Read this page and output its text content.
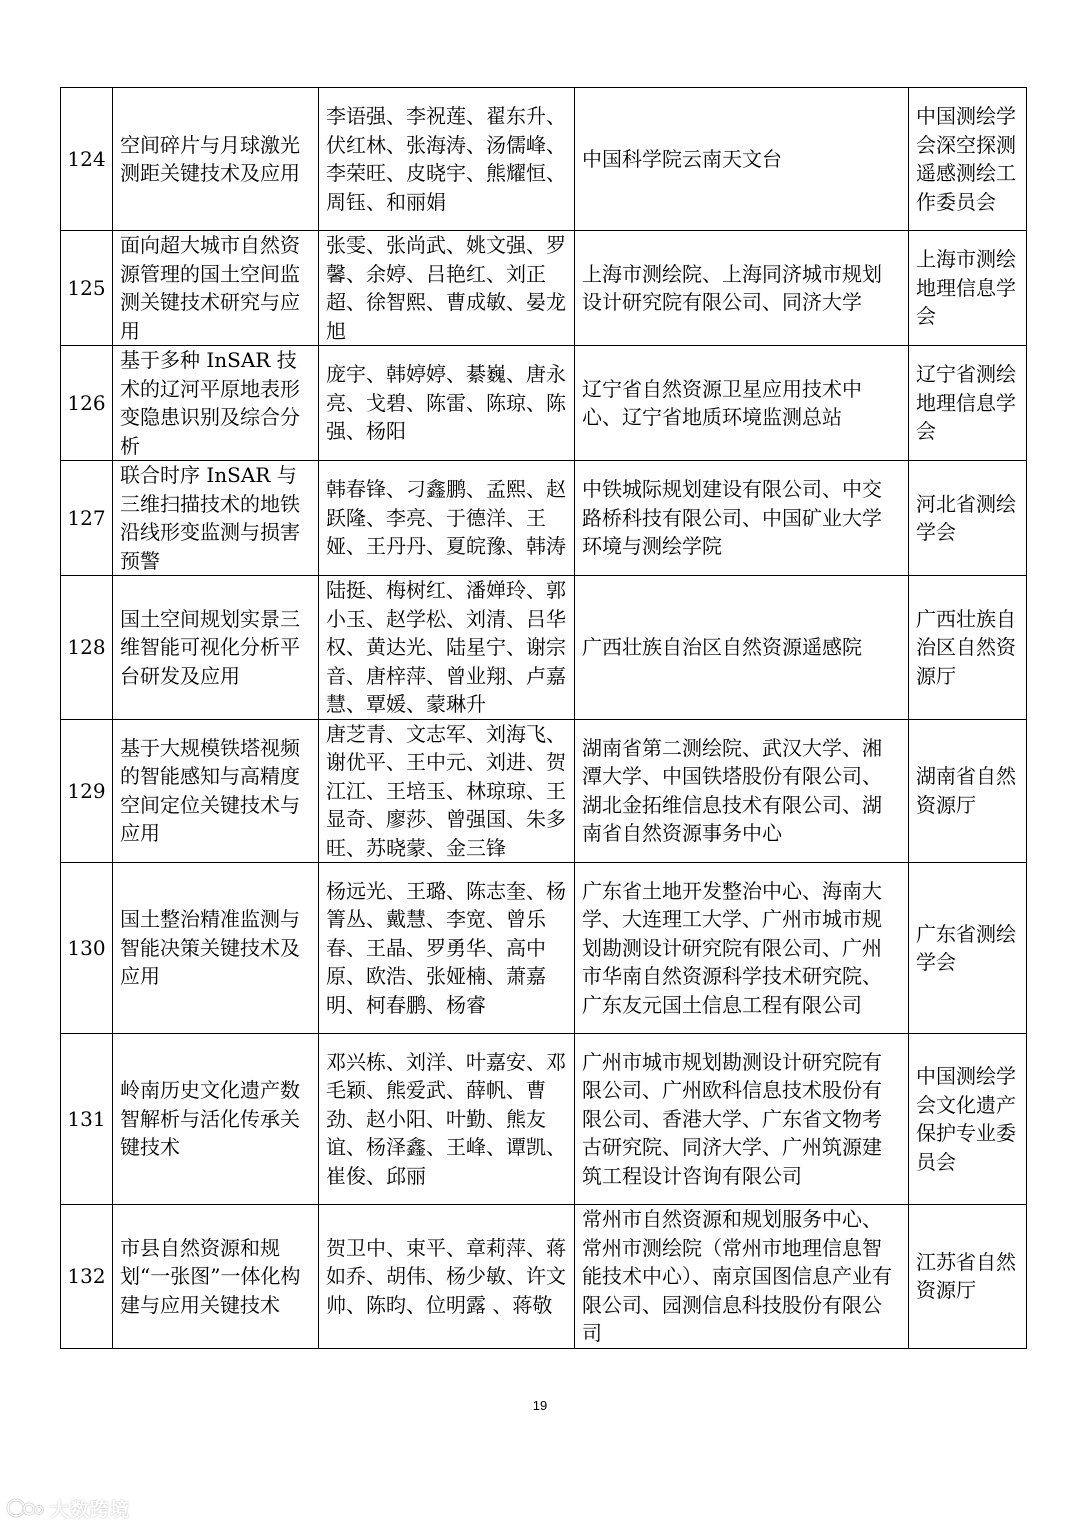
124	空间碎片与月球激光测距关键技术及应用	李语强、李祝莲、翟东升、伏红林、张海涛、汤儒峰、李荣旺、皮晓宇、熊耀恒、周钰、和丽娟	中国科学院云南天文台	中国测绘学会深空探测遥感测绘工作委员会
125	面向超大城市自然资源管理的国土空间监测关键技术研究与应用	张雯、张尚武、姚文强、罗馨、余婷、吕艳红、刘正超、徐智熙、曹成敏、晏龙旭	上海市测绘院、上海同济城市规划设计研究院有限公司、同济大学	上海市测绘地理信息学会
126	基于多种 InSAR 技术的辽河平原地表形变隐患识别及综合分析	庞宇、韩婷婷、綦巍、唐永亮、戈碧、陈雷、陈琼、陈强、杨阳	辽宁省自然资源卫星应用技术中心、辽宁省地质环境监测总站	辽宁省测绘地理信息学会
127	联合时序 InSAR 与三维扫描技术的地铁沿线形变监测与损害预警	韩春锋、刁鑫鹏、孟熙、赵跃隆、李亮、于德洋、王娅、王丹丹、夏皖豫、韩涛	中铁城际规划建设有限公司、中交路桥科技有限公司、中国矿业大学环境与测绘学院	河北省测绘学会
128	国土空间规划实景三维智能可视化分析平台研发及应用	陆挺、梅树红、潘婵玲、郭小玉、赵学松、刘清、吕华权、黄达光、陆星宁、谢宗音、唐梓萍、曾业翔、卢嘉慧、覃媛、蒙琳升	广西壮族自治区自然资源遥感院	广西壮族自治区自然资源厅
129	基于大规模铁塔视频的智能感知与高精度空间定位关键技术与应用	唐芝青、文志军、刘海飞、谢优平、王中元、刘进、贺江江、王培玉、林琼琼、王显奇、廖莎、曾强国、朱多旺、苏晓蒙、金三锋	湖南省第二测绘院、武汉大学、湘潭大学、中国铁塔股份有限公司、湖北金拓维信息技术有限公司、湖南省自然资源事务中心	湖南省自然资源厅
130	国土整治精准监测与智能决策关键技术及应用	杨远光、王璐、陈志奎、杨箐丛、戴慧、李宽、曾乐春、王晶、罗勇华、高中原、欧浩、张娅楠、萧嘉明、柯春鹏、杨睿	广东省土地开发整治中心、海南大学、大连理工大学、广州市城市规划勘测设计研究院有限公司、广州市华南自然资源科学技术研究院、广东友元国土信息工程有限公司	广东省测绘学会
131	岭南历史文化遗产数智解析与活化传承关键技术	邓兴栋、刘洋、叶嘉安、邓毛颖、熊爱武、薛帆、曹劲、赵小阳、叶勤、熊友谊、杨泽鑫、王峰、谭凯、崔俊、邱丽	广州市城市规划勘测设计研究院有限公司、广州欧科信息技术股份有限公司、香港大学、广东省文物考古研究院、同济大学、广州筑源建筑工程设计咨询有限公司	中国测绘学会文化遗产保护专业委员会
132	市县自然资源和规划“一张图”一体化构建与应用关键技术	贺卫中、束平、章莉萍、蒋如乔、胡伟、杨少敏、许文帅、陈昀、位明露 、蒋敬	常州市自然资源和规划服务中心、常州市测绘院（常州市地理信息智能技术中心）、南京国图信息产业有限公司、园测信息科技股份有限公司	江苏省自然资源厅
19
大数跨境
